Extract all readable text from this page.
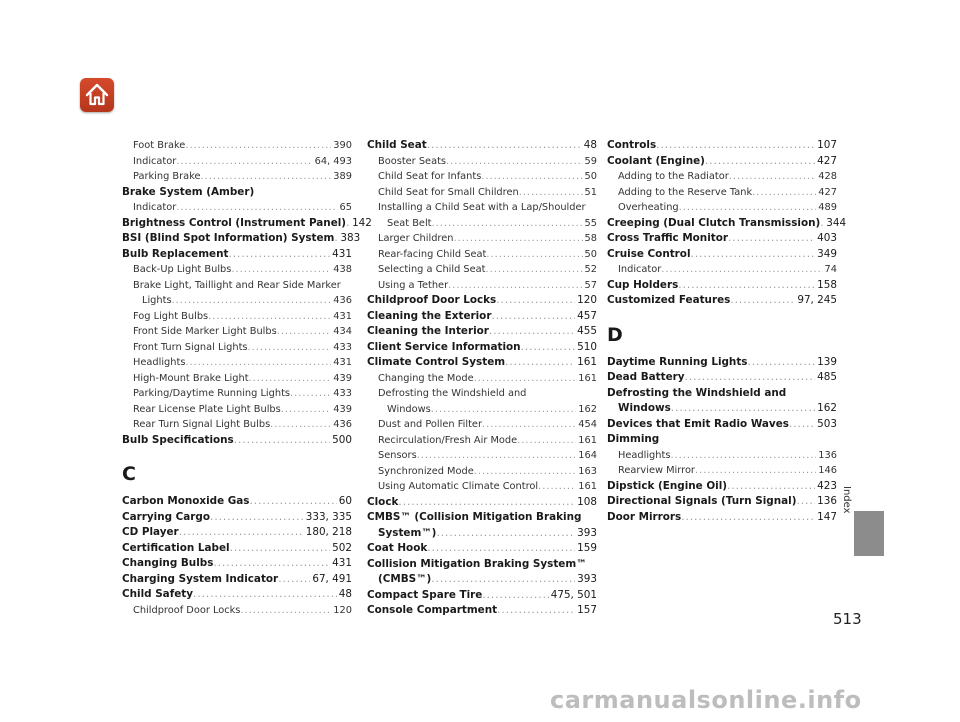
Foot Brake .....	390
Indicator .....	64, 493
Parking Brake .....	389
Brake System (Amber)
Indicator .....	65
Brightness Control (Instrument Panel) ..... 142
BSI (Blind Spot Information) System ..... 383
Bulb Replacement .....	431
Back-Up Light Bulbs .....	438
Brake Light, Taillight and Rear Side Marker
Lights .....	436
Fog Light Bulbs .....	431
Front Side Marker Light Bulbs .....	434
Front Turn Signal Lights .....	433
Headlights .....	431
High-Mount Brake Light .....	439
Parking/Daytime Running Lights .....	433
Rear License Plate Light Bulbs .....	439
Rear Turn Signal Light Bulbs .....	436
Bulb Specifications .....	500
C
Carbon Monoxide Gas .....	60
Carrying Cargo .....	333, 335
CD Player .....	180, 218
Certification Label .....	502
Changing Bulbs .....	431
Charging System Indicator .....	67, 491
Child Safety .....	48
Childproof Door Locks .....	120
Child Seat .....	48
Booster Seats .....	59
Child Seat for Infants .....	50
Child Seat for Small Children .....	51
Installing a Child Seat with a Lap/Shoulder
Seat Belt .....	55
Larger Children .....	58
Rear-facing Child Seat .....	50
Selecting a Child Seat .....	52
Using a Tether .....	57
Childproof Door Locks .....	120
Cleaning the Exterior .....	457
Cleaning the Interior .....	455
Client Service Information .....	510
Climate Control System .....	161
Changing the Mode .....	161
Defrosting the Windshield and
Windows .....	162
Dust and Pollen Filter .....	454
Recirculation/Fresh Air Mode .....	161
Sensors .....	164
Synchronized Mode .....	163
Using Automatic Climate Control .....	161
Clock .....	108
CMBS™ (Collision Mitigation Braking
System™) .....	393
Coat Hook .....	159
Collision Mitigation Braking System™
(CMBS™) .....	393
Compact Spare Tire .....	475, 501
Console Compartment .....	157
Controls .....	107
Coolant (Engine) .....	427
Adding to the Radiator .....	428
Adding to the Reserve Tank .....	427
Overheating .....	489
Creeping (Dual Clutch Transmission) ..... 344
Cross Traffic Monitor .....	403
Cruise Control .....	349
Indicator .....	74
Cup Holders .....	158
Customized Features .....	97, 245
D
Daytime Running Lights .....	139
Dead Battery .....	485
Defrosting the Windshield and
Windows .....	162
Devices that Emit Radio Waves .....	503
Dimming
Headlights .....	136
Rearview Mirror .....	146
Dipstick (Engine Oil) .....	423
Directional Signals (Turn Signal) ..... 136
Door Mirrors .....	147
Index
513
carmanualsonline.info
